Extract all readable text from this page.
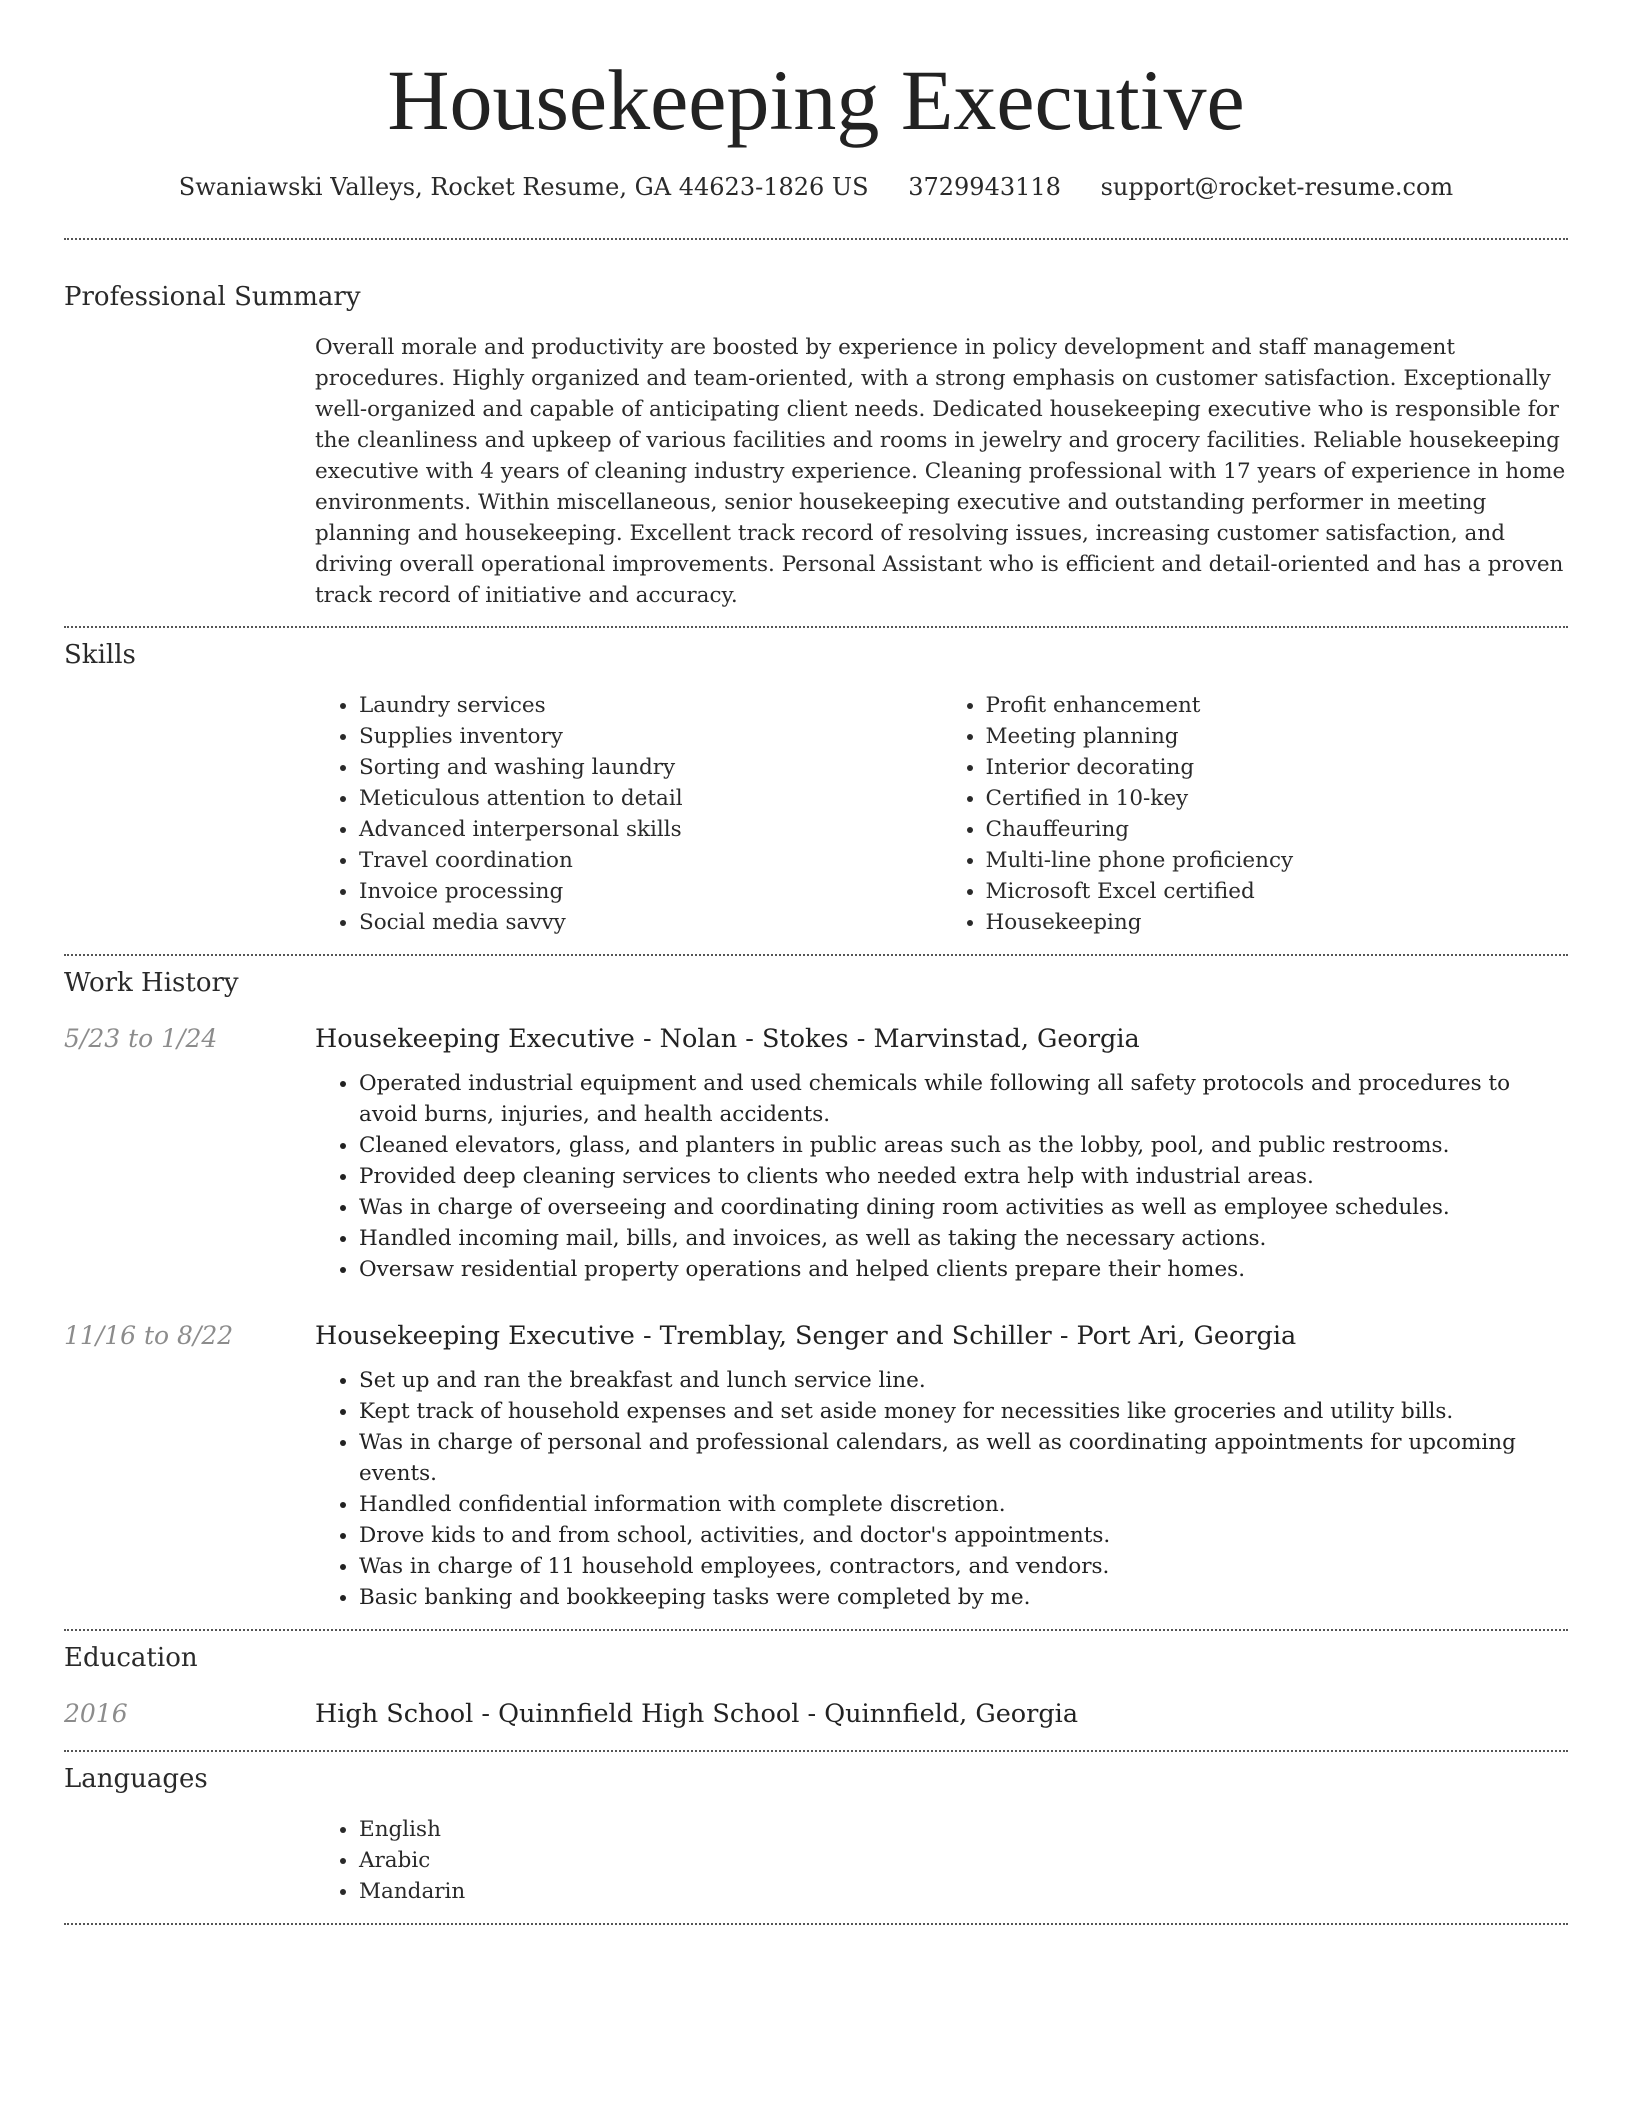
Housekeeping Executive
Swaniawski Valleys, Rocket Resume, GA 44623-1826 US 3729943118 support@rocket-resume.com
Professional Summary

Overall morale and productivity are boosted by experience in policy development and staff management procedures. Highly organized and team-oriented, with a strong emphasis on customer satisfaction. Exceptionally well-organized and capable of anticipating client needs. Dedicated housekeeping executive who is responsible for the cleanliness and upkeep of various facilities and rooms in jewelry and grocery facilities. Reliable housekeeping executive with 4 years of cleaning industry experience. Cleaning professional with 17 years of experience in home environments. Within miscellaneous, senior housekeeping executive and outstanding performer in meeting planning and housekeeping. Excellent track record of resolving issues, increasing customer satisfaction, and driving overall operational improvements. Personal Assistant who is efficient and detail-oriented and has a proven track record of initiative and accuracy.

Skills
• Laundry services
• Supplies inventory
• Sorting and washing laundry
• Meticulous attention to detail
• Advanced interpersonal skills
• Travel coordination
• Invoice processing
• Social media savvy
• Profit enhancement
• Meeting planning
• Interior decorating
• Certified in 10-key
• Chauffeuring
• Multi-line phone proficiency
• Microsoft Excel certified
• Housekeeping
Work History
5/23 to 1/24	Housekeeping Executive - Nolan - Stokes - Marvinstad, Georgia
• Operated industrial equipment and used chemicals while following all safety protocols and procedures to avoid burns, injuries, and health accidents.
• Cleaned elevators, glass, and planters in public areas such as the lobby, pool, and public restrooms.
• Provided deep cleaning services to clients who needed extra help with industrial areas.
• Was in charge of overseeing and coordinating dining room activities as well as employee schedules.
• Handled incoming mail, bills, and invoices, as well as taking the necessary actions.
• Oversaw residential property operations and helped clients prepare their homes.
11/16 to 8/22	Housekeeping Executive - Tremblay, Senger and Schiller - Port Ari, Georgia
• Set up and ran the breakfast and lunch service line.
• Kept track of household expenses and set aside money for necessities like groceries and utility bills.
• Was in charge of personal and professional calendars, as well as coordinating appointments for upcoming events.
• Handled confidential information with complete discretion.
• Drove kids to and from school, activities, and doctor's appointments.
• Was in charge of 11 household employees, contractors, and vendors.
• Basic banking and bookkeeping tasks were completed by me.
Education
2016	High School - Quinnfield High School - Quinnfield, Georgia
Languages
• English
• Arabic
• Mandarin
